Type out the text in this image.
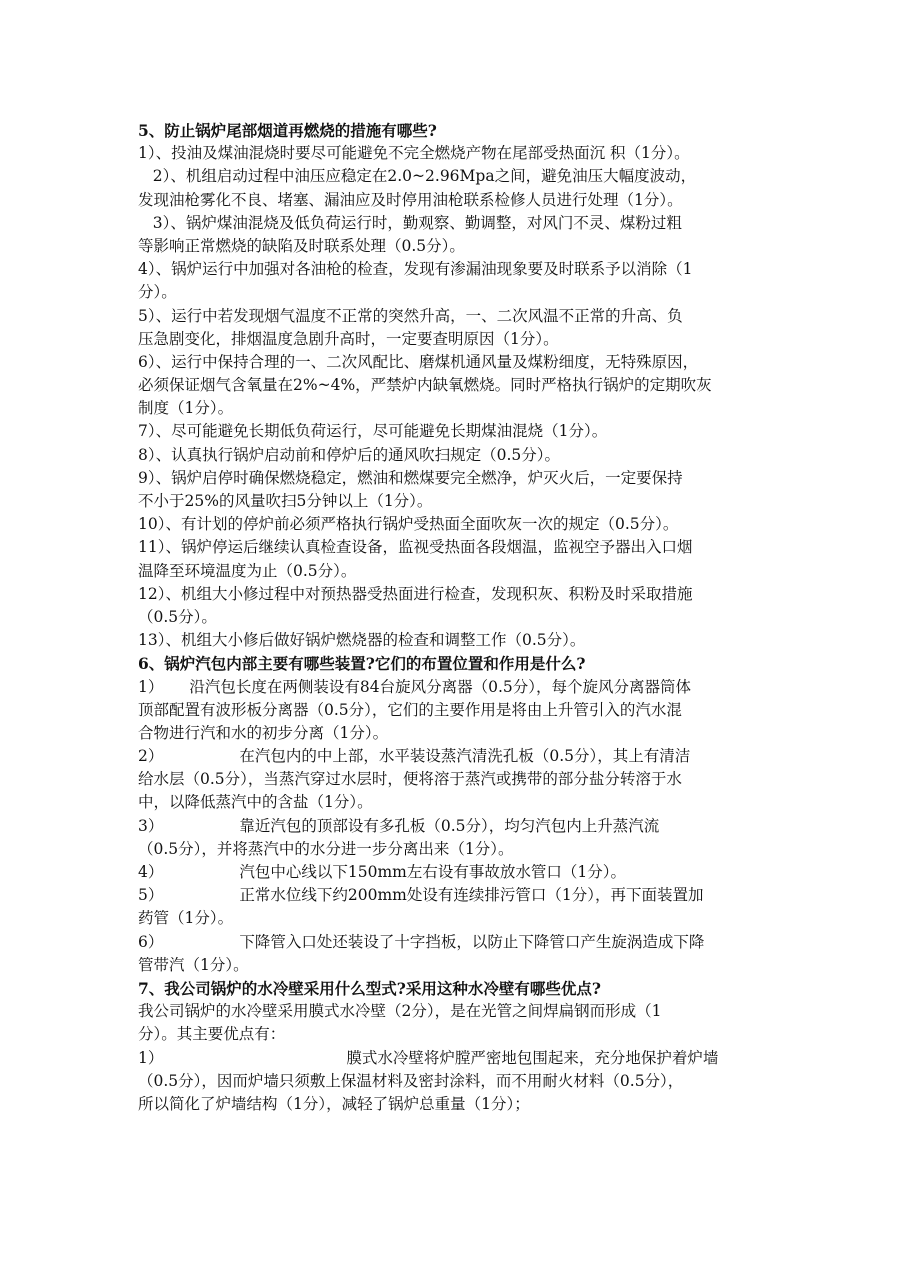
5、防止锅炉尾部烟道再燃烧的措施有哪些?
1）、投油及煤油混烧时要尽可能避免不完全燃烧产物在尾部受热面沉 积（1分）。
2）、机组启动过程中油压应稳定在2.0~2.96Mpa之间，避免油压大幅度波动，
发现油枪雾化不良、堵塞、漏油应及时停用油枪联系检修人员进行处理（1分）。
3）、锅炉煤油混烧及低负荷运行时，勤观察、勤调整，对风门不灵、煤粉过粗
等影响正常燃烧的缺陷及时联系处理（0.5分）。
4）、锅炉运行中加强对各油枪的检查，发现有渗漏油现象要及时联系予以消除（1
分）。
5）、运行中若发现烟气温度不正常的突然升高，一、二次风温不正常的升高、负
压急剧变化，排烟温度急剧升高时，一定要查明原因（1分）。
6）、运行中保持合理的一、二次风配比、磨煤机通风量及煤粉细度，无特殊原因，
必须保证烟气含氧量在2%~4%，严禁炉内缺氧燃烧。同时严格执行锅炉的定期吹灰
制度（1分）。
7）、尽可能避免长期低负荷运行，尽可能避免长期煤油混烧（1分）。
8）、认真执行锅炉启动前和停炉后的通风吹扫规定（0.5分）。
9）、锅炉启停时确保燃烧稳定，燃油和燃煤要完全燃净，炉灭火后，一定要保持
不小于25%的风量吹扫5分钟以上（1分）。
10）、有计划的停炉前必须严格执行锅炉受热面全面吹灰一次的规定（0.5分）。
11）、锅炉停运后继续认真检查设备，监视受热面各段烟温，监视空予器出入口烟
温降至环境温度为止（0.5分）。
12）、机组大小修过程中对预热器受热面进行检查，发现积灰、积粉及时采取措施
（0.5分）。
13）、机组大小修后做好锅炉燃烧器的检查和调整工作（0.5分）。
6、锅炉汽包内部主要有哪些装置?它们的布置位置和作用是什么?
1） 沿汽包长度在两侧装设有84台旋风分离器（0.5分），每个旋风分离器筒体
顶部配置有波形板分离器（0.5分），它们的主要作用是将由上升管引入的汽水混
合物进行汽和水的初步分离（1分）。
2）	在汽包内的中上部，水平装设蒸汽清洗孔板（0.5分），其上有清洁
给水层（0.5分），当蒸汽穿过水层时，便将溶于蒸汽或携带的部分盐分转溶于水
中，以降低蒸汽中的含盐（1分）。
3）	靠近汽包的顶部设有多孔板（0.5分），均匀汽包内上升蒸汽流
（0.5分），并将蒸汽中的水分进一步分离出来（1分）。
4）	汽包中心线以下150mm左右设有事故放水管口（1分）。
5）	正常水位线下约200mm处设有连续排污管口（1分），再下面装置加
药管（1分）。
6）	下降管入口处还装设了十字挡板，以防止下降管口产生旋涡造成下降
管带汽（1分）。
7、我公司锅炉的水冷壁采用什么型式?采用这种水冷壁有哪些优点?
我公司锅炉的水冷壁采用膜式水冷壁（2分），是在光管之间焊扁钢而形成（1
分）。其主要优点有：
1）	膜式水冷壁将炉膛严密地包围起来，充分地保护着炉墙
（0.5分），因而炉墙只须敷上保温材料及密封涂料，而不用耐火材料（0.5分），
所以简化了炉墙结构（1分），减轻了锅炉总重量（1分）；
